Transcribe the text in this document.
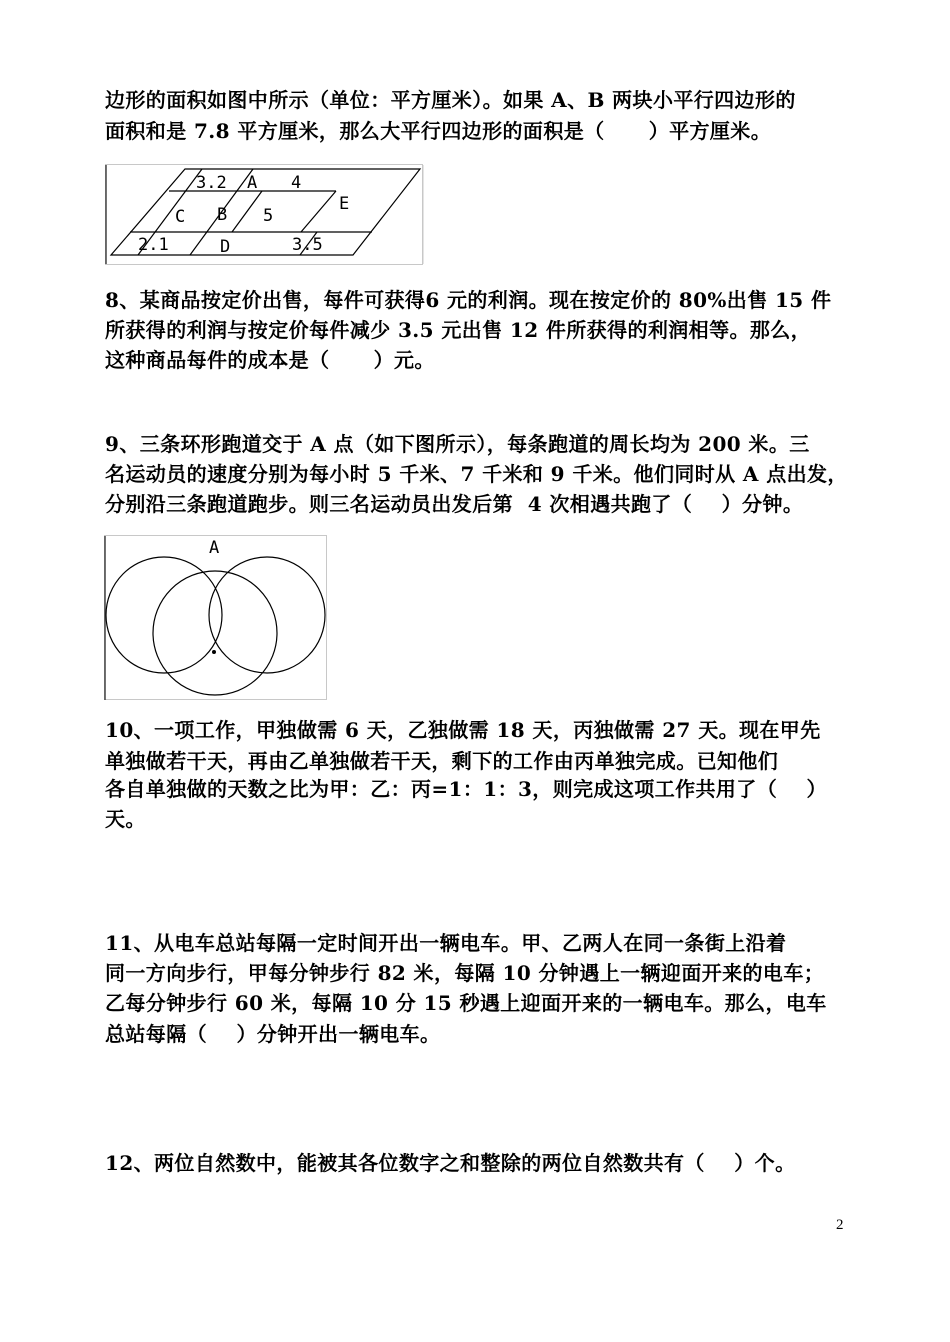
边形的面积如图中所示（单位：平方厘米）。如果 A、B 两块小平行四边形的
面积和是 7.8 平方厘米，那么大平行四边形的面积是（      ）平方厘米。
3.2 A 4
E
C B 5
2.1	D	3.5
8、某商品按定价出售，每件可获得6 元的利润。现在按定价的 80%出售 15 件
所获得的利润与按定价每件减少 3.5 元出售 12 件所获得的利润相等。那么，
这种商品每件的成本是（      ）元。
9、三条环形跑道交于 A 点（如下图所示），每条跑道的周长均为 200 米。三
名运动员的速度分别为每小时 5 千米、7 千米和 9 千米。他们同时从 A 点出发，
分别沿三条跑道跑步。则三名运动员出发后第  4 次相遇共跑了（    ）分钟。
A
10、一项工作，甲独做需 6 天，乙独做需 18 天，丙独做需 27 天。现在甲先
单独做若干天，再由乙单独做若干天，剩下的工作由丙单独完成。已知他们
各自单独做的天数之比为甲：乙：丙=1：1：3，则完成这项工作共用了（    ）
天。
11、从电车总站每隔一定时间开出一辆电车。甲、乙两人在同一条街上沿着
同一方向步行，甲每分钟步行 82 米，每隔 10 分钟遇上一辆迎面开来的电车；
乙每分钟步行 60 米，每隔 10 分 15 秒遇上迎面开来的一辆电车。那么，电车
总站每隔（    ）分钟开出一辆电车。
12、两位自然数中，能被其各位数字之和整除的两位自然数共有（    ）个。
2
